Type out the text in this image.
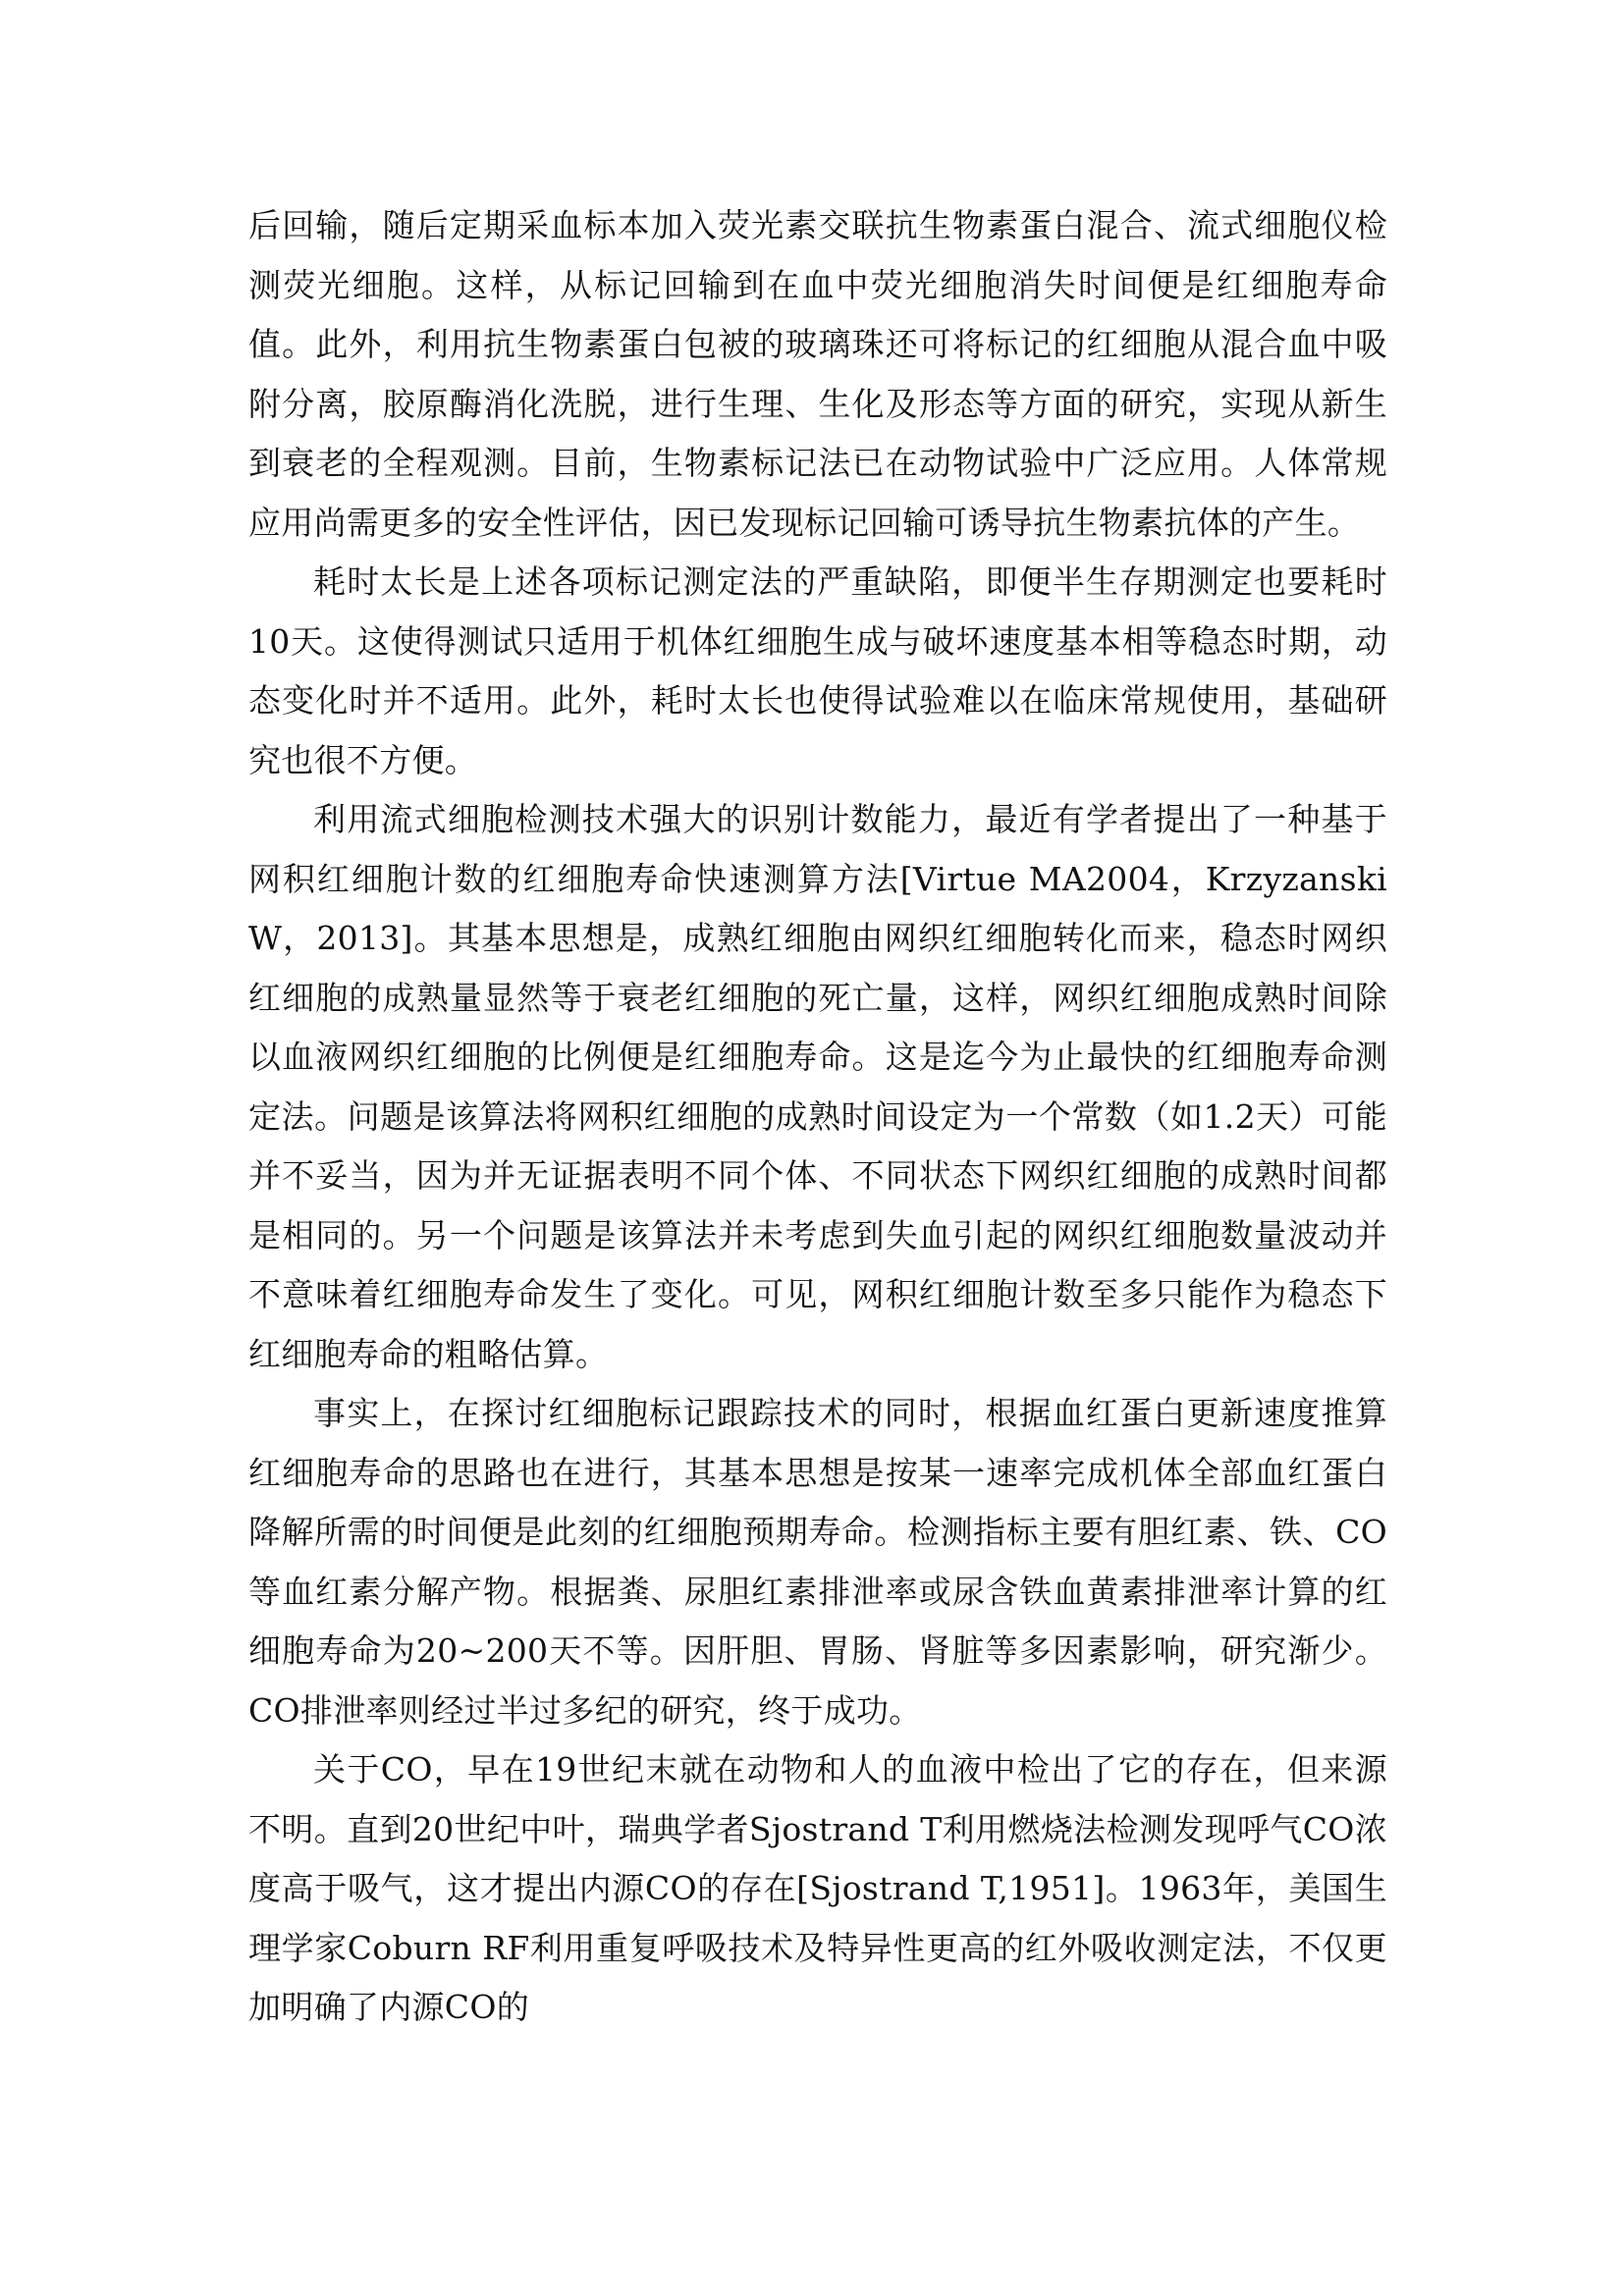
后回输，随后定期采血标本加入荧光素交联抗生物素蛋白混合、流式细胞仪检测荧光细胞。这样，从标记回输到在血中荧光细胞消失时间便是红细胞寿命值。此外，利用抗生物素蛋白包被的玻璃珠还可将标记的红细胞从混合血中吸附分离，胶原酶消化洗脱，进行生理、生化及形态等方面的研究，实现从新生到衰老的全程观测。目前，生物素标记法已在动物试验中广泛应用。人体常规应用尚需更多的安全性评估，因已发现标记回输可诱导抗生物素抗体的产生。

耗时太长是上述各项标记测定法的严重缺陷，即便半生存期测定也要耗时10天。这使得测试只适用于机体红细胞生成与破坏速度基本相等稳态时期，动态变化时并不适用。此外，耗时太长也使得试验难以在临床常规使用，基础研究也很不方便。

利用流式细胞检测技术强大的识别计数能力，最近有学者提出了一种基于网积红细胞计数的红细胞寿命快速测算方法[Virtue MA2004，Krzyzanski W，2013]。其基本思想是，成熟红细胞由网织红细胞转化而来，稳态时网织红细胞的成熟量显然等于衰老红细胞的死亡量，这样，网织红细胞成熟时间除以血液网织红细胞的比例便是红细胞寿命。这是迄今为止最快的红细胞寿命测定法。问题是该算法将网积红细胞的成熟时间设定为一个常数（如1.2天）可能并不妥当，因为并无证据表明不同个体、不同状态下网织红细胞的成熟时间都是相同的。另一个问题是该算法并未考虑到失血引起的网织红细胞数量波动并不意味着红细胞寿命发生了变化。可见，网积红细胞计数至多只能作为稳态下红细胞寿命的粗略估算。

事实上，在探讨红细胞标记跟踪技术的同时，根据血红蛋白更新速度推算红细胞寿命的思路也在进行，其基本思想是按某一速率完成机体全部血红蛋白降解所需的时间便是此刻的红细胞预期寿命。检测指标主要有胆红素、铁、CO等血红素分解产物。根据粪、尿胆红素排泄率或尿含铁血黄素排泄率计算的红细胞寿命为20~200天不等。因肝胆、胃肠、肾脏等多因素影响，研究渐少。CO排泄率则经过半过多纪的研究，终于成功。

关于CO，早在19世纪末就在动物和人的血液中检出了它的存在，但来源不明。直到20世纪中叶，瑞典学者Sjostrand T利用燃烧法检测发现呼气CO浓度高于吸气，这才提出内源CO的存在[Sjostrand T,1951]。1963年，美国生理学家Coburn RF利用重复呼吸技术及特异性更高的红外吸收测定法，不仅更加明确了内源CO的
